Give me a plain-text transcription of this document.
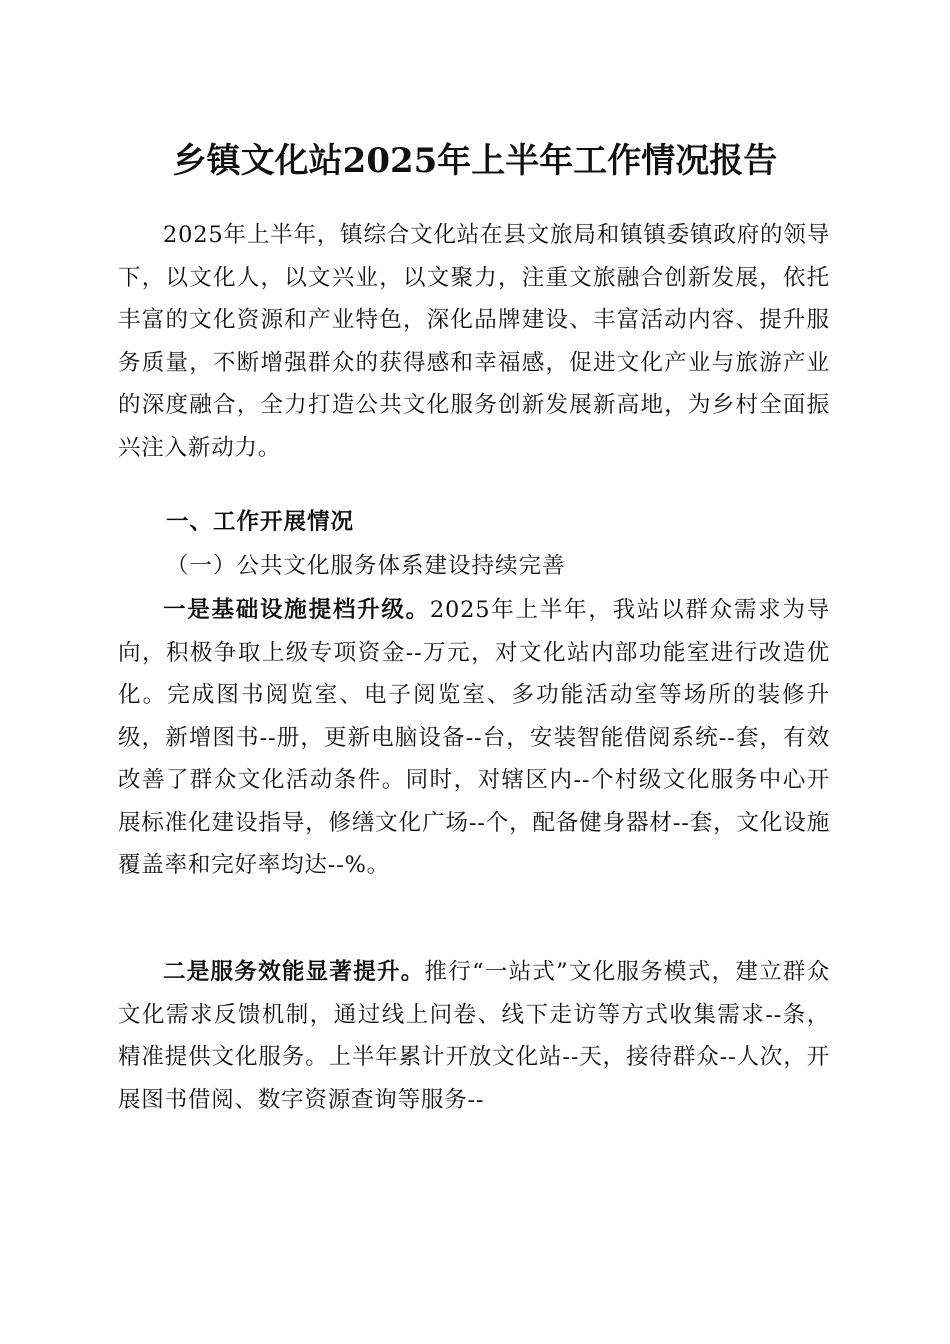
乡镇文化站2025年上半年工作情况报告

2025年上半年，镇综合文化站在县文旅局和镇镇委镇政府的领导下，以文化人，以文兴业，以文聚力，注重文旅融合创新发展，依托丰富的文化资源和产业特色，深化品牌建设、丰富活动内容、提升服务质量，不断增强群众的获得感和幸福感，促进文化产业与旅游产业的深度融合，全力打造公共文化服务创新发展新高地，为乡村全面振兴注入新动力。

一、工作开展情况
（一）公共文化服务体系建设持续完善

一是基础设施提档升级。2025年上半年，我站以群众需求为导向，积极争取上级专项资金--万元，对文化站内部功能室进行改造优化。完成图书阅览室、电子阅览室、多功能活动室等场所的装修升级，新增图书--册，更新电脑设备--台，安装智能借阅系统--套，有效改善了群众文化活动条件。同时，对辖区内--个村级文化服务中心开展标准化建设指导，修缮文化广场--个，配备健身器材--套，文化设施覆盖率和完好率均达--%。

二是服务效能显著提升。推行“一站式”文化服务模式，建立群众文化需求反馈机制，通过线上问卷、线下走访等方式收集需求--条，精准提供文化服务。上半年累计开放文化站--天，接待群众--人次，开展图书借阅、数字资源查询等服务--
